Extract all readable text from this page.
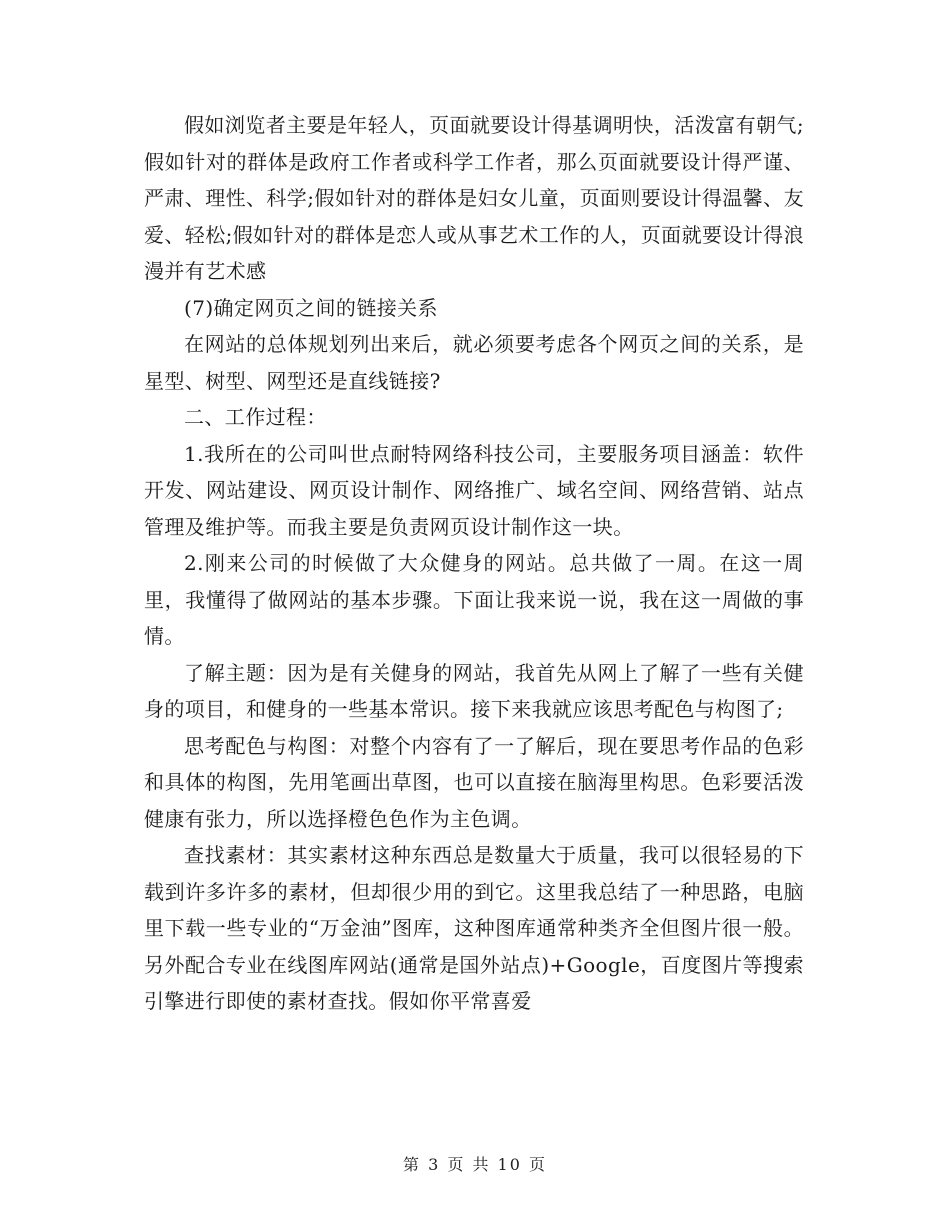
假如浏览者主要是年轻人，页面就要设计得基调明快，活泼富有朝气;假如针对的群体是政府工作者或科学工作者，那么页面就要设计得严谨、严肃、理性、科学;假如针对的群体是妇女儿童，页面则要设计得温馨、友爱、轻松;假如针对的群体是恋人或从事艺术工作的人，页面就要设计得浪漫并有艺术感

(7)确定网页之间的链接关系

在网站的总体规划列出来后，就必须要考虑各个网页之间的关系，是星型、树型、网型还是直线链接?

二、工作过程：

1.我所在的公司叫世点耐特网络科技公司，主要服务项目涵盖：软件开发、网站建设、网页设计制作、网络推广、域名空间、网络营销、站点管理及维护等。而我主要是负责网页设计制作这一块。

2.刚来公司的时候做了大众健身的网站。总共做了一周。在这一周里，我懂得了做网站的基本步骤。下面让我来说一说，我在这一周做的事情。

了解主题：因为是有关健身的网站，我首先从网上了解了一些有关健身的项目，和健身的一些基本常识。接下来我就应该思考配色与构图了;

思考配色与构图：对整个内容有了一了解后，现在要思考作品的色彩和具体的构图，先用笔画出草图，也可以直接在脑海里构思。色彩要活泼健康有张力，所以选择橙色色作为主色调。

查找素材：其实素材这种东西总是数量大于质量，我可以很轻易的下载到许多许多的素材，但却很少用的到它。这里我总结了一种思路，电脑里下载一些专业的“万金油”图库，这种图库通常种类齐全但图片很一般。另外配合专业在线图库网站(通常是国外站点)+Google，百度图片等搜索引擎进行即使的素材查找。假如你平常喜爱

第 3 页 共 10 页
